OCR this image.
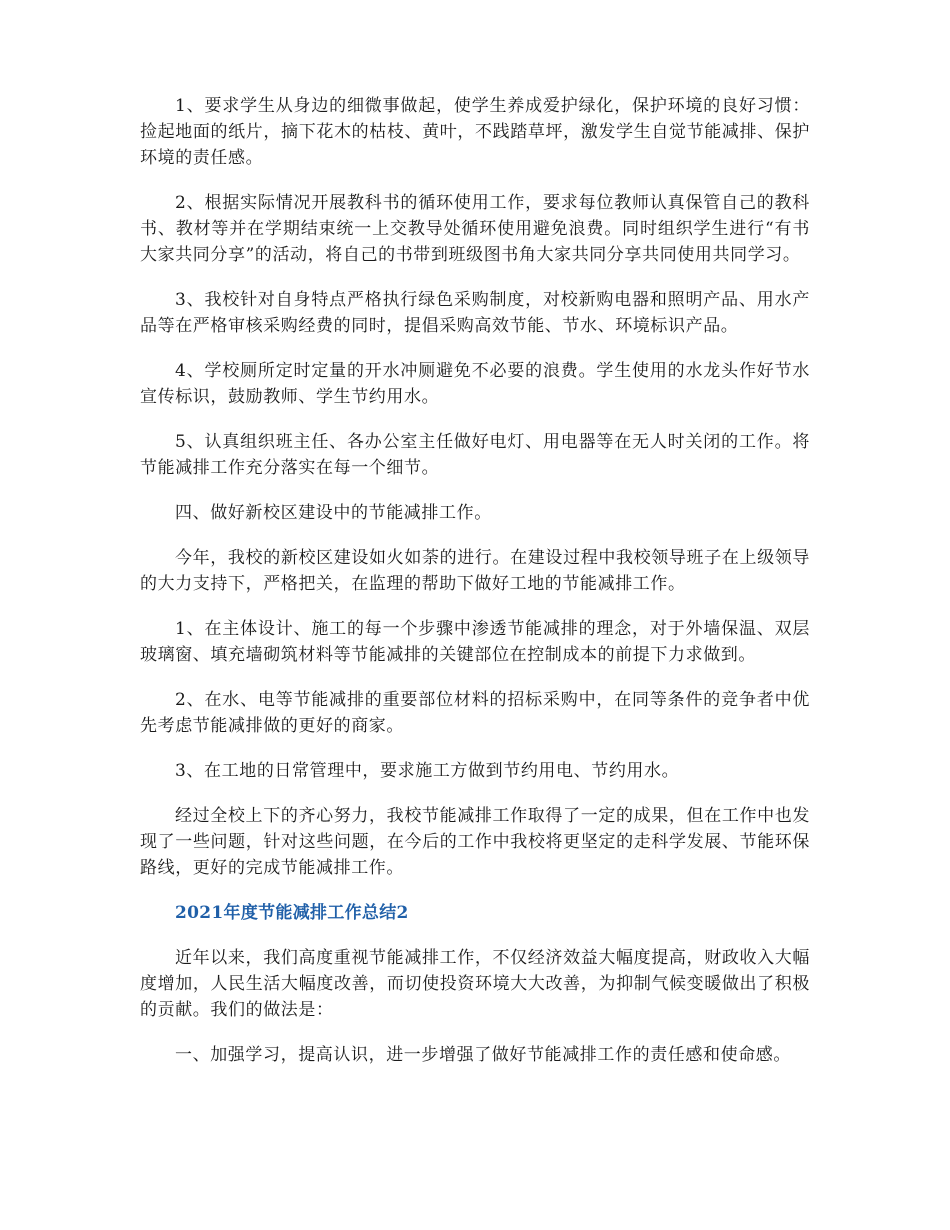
1、要求学生从身边的细微事做起，使学生养成爱护绿化，保护环境的良好习惯：捡起地面的纸片，摘下花木的枯枝、黄叶，不践踏草坪，激发学生自觉节能减排、保护环境的责任感。

2、根据实际情况开展教科书的循环使用工作，要求每位教师认真保管自己的教科书、教材等并在学期结束统一上交教导处循环使用避免浪费。同时组织学生进行“有书大家共同分享”的活动，将自己的书带到班级图书角大家共同分享共同使用共同学习。

3、我校针对自身特点严格执行绿色采购制度，对校新购电器和照明产品、用水产品等在严格审核采购经费的同时，提倡采购高效节能、节水、环境标识产品。

4、学校厕所定时定量的开水冲厕避免不必要的浪费。学生使用的水龙头作好节水宣传标识，鼓励教师、学生节约用水。

5、认真组织班主任、各办公室主任做好电灯、用电器等在无人时关闭的工作。将节能减排工作充分落实在每一个细节。

四、做好新校区建设中的节能减排工作。

今年，我校的新校区建设如火如荼的进行。在建设过程中我校领导班子在上级领导的大力支持下，严格把关，在监理的帮助下做好工地的节能减排工作。

1、在主体设计、施工的每一个步骤中渗透节能减排的理念，对于外墙保温、双层玻璃窗、填充墙砌筑材料等节能减排的关键部位在控制成本的前提下力求做到。

2、在水、电等节能减排的重要部位材料的招标采购中，在同等条件的竞争者中优先考虑节能减排做的更好的商家。

3、在工地的日常管理中，要求施工方做到节约用电、节约用水。

经过全校上下的齐心努力，我校节能减排工作取得了一定的成果，但在工作中也发现了一些问题，针对这些问题，在今后的工作中我校将更坚定的走科学发展、节能环保路线，更好的完成节能减排工作。

2021年度节能减排工作总结2

近年以来，我们高度重视节能减排工作，不仅经济效益大幅度提高，财政收入大幅度增加，人民生活大幅度改善，而切使投资环境大大改善，为抑制气候变暖做出了积极的贡献。我们的做法是：

一、加强学习，提高认识，进一步增强了做好节能减排工作的责任感和使命感。
